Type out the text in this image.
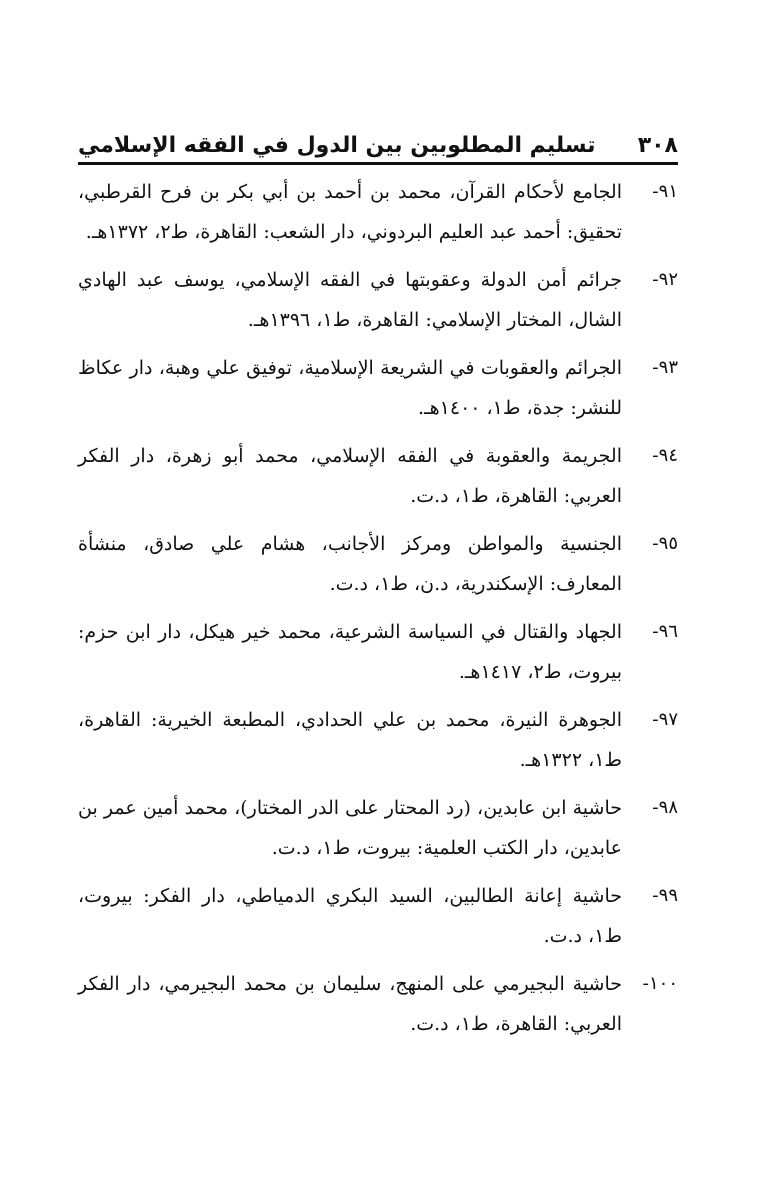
٣٠٨
تسليم المطلوبين بين الدول في الفقه الإسلامي
٩١-
الجامع لأحكام القرآن، محمد بن أحمد بن أبي بكر بن فرح القرطبي، تحقيق: أحمد عبد العليم البردوني، دار الشعب: القاهرة، ط٢، ١٣٧٢هـ.
٩٢-
جرائم أمن الدولة وعقوبتها في الفقه الإسلامي، يوسف عبد الهادي الشال، المختار الإسلامي: القاهرة، ط١، ١٣٩٦هـ.
٩٣-
الجرائم والعقوبات في الشريعة الإسلامية، توفيق علي وهبة، دار عكاظ للنشر: جدة، ط١، ١٤٠٠هـ.
٩٤-
الجريمة والعقوبة في الفقه الإسلامي، محمد أبو زهرة، دار الفكر العربي: القاهرة، ط١، د.ت.
٩٥-
الجنسية والمواطن ومركز الأجانب، هشام علي صادق، منشأة المعارف: الإسكندرية، د.ن، ط١، د.ت.
٩٦-
الجهاد والقتال في السياسة الشرعية، محمد خير هيكل، دار ابن حزم: بيروت، ط٢، ١٤١٧هـ.
٩٧-
الجوهرة النيرة، محمد بن علي الحدادي، المطبعة الخيرية: القاهرة، ط١، ١٣٢٢هـ.
٩٨-
حاشية ابن عابدين، (رد المحتار على الدر المختار)، محمد أمين عمر بن عابدين، دار الكتب العلمية: بيروت، ط١، د.ت.
٩٩-
حاشية إعانة الطالبين، السيد البكري الدمياطي، دار الفكر: بيروت، ط١، د.ت.
١٠٠-
حاشية البجيرمي على المنهج، سليمان بن محمد البجيرمي، دار الفكر العربي: القاهرة، ط١، د.ت.
